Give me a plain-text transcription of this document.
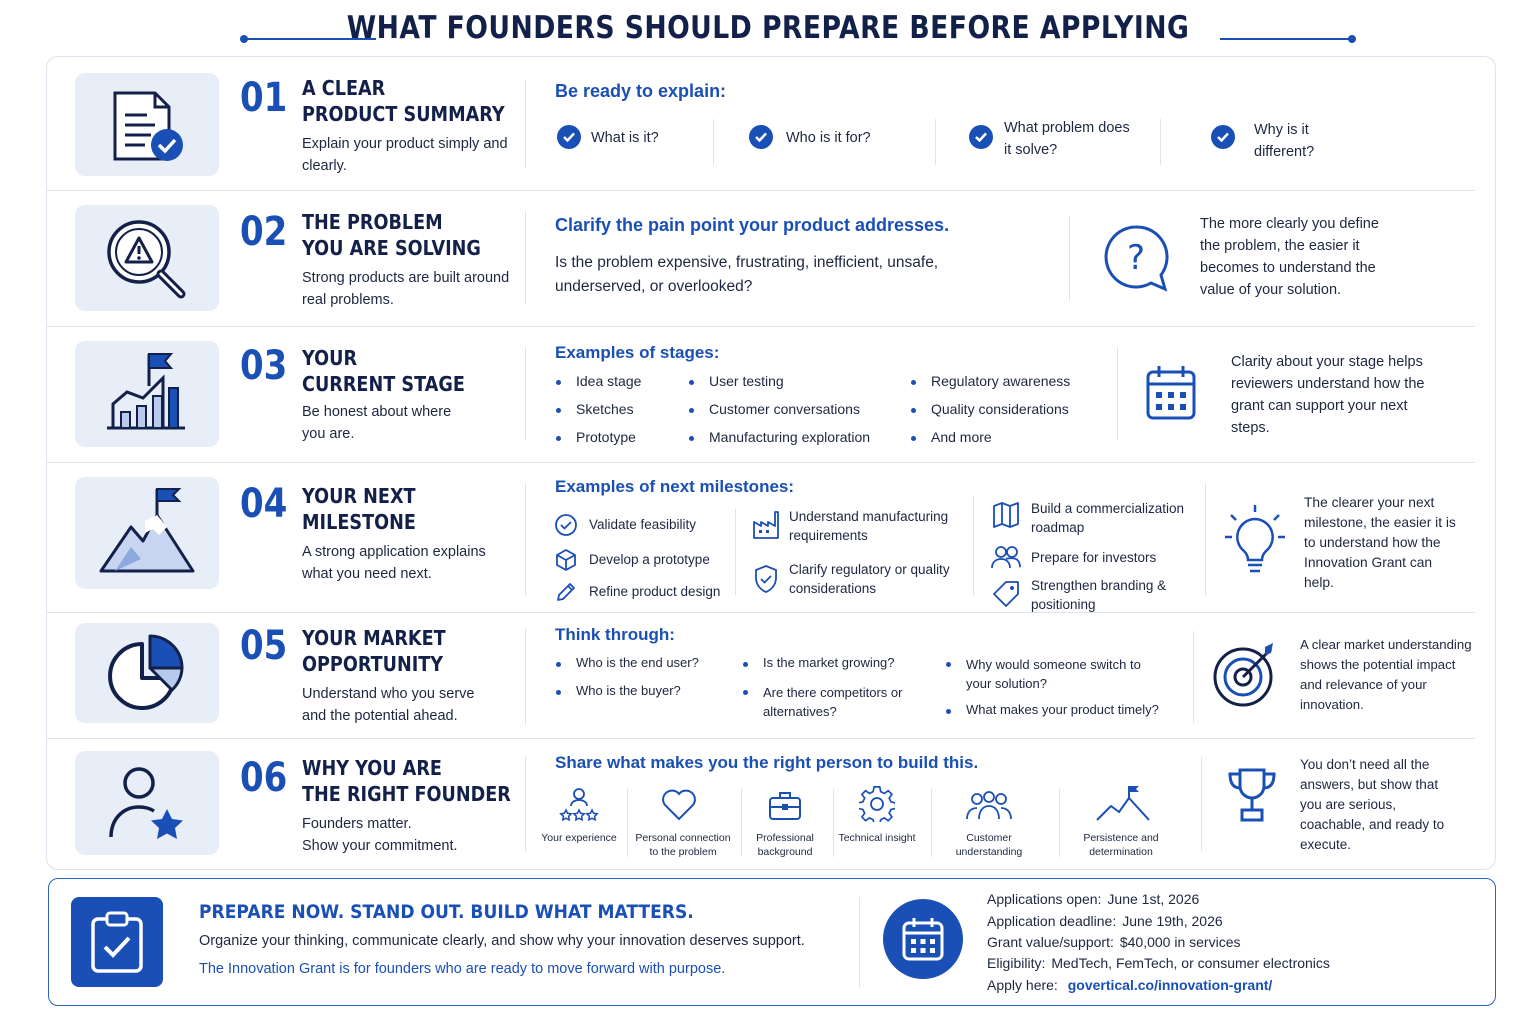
WHAT FOUNDERS SHOULD PREPARE BEFORE APPLYING
01 A CLEAR
PRODUCT SUMMARY
Explain your product simply and clearly.
Be ready to explain:
What is it?	Who is it for?
What problem does it solve?
Why is it different?
02 THE PROBLEM
YOU ARE SOLVING
Strong products are built around real problems.
Clarify the pain point your product addresses.
Is the problem expensive, frustrating, inefficient, unsafe, underserved, or overlooked?
?
The more clearly you define the problem, the easier it becomes to understand the value of your solution.
03 YOUR
CURRENT STAGE
Be honest about where you are.
Examples of stages:
Idea stage
Sketches
Prototype
User testing
Customer conversations
Manufacturing exploration
Regulatory awareness
Quality considerations
And more
Clarity about your stage helps reviewers understand how the grant can support your next steps.
04 YOUR NEXT
MILESTONE
A strong application explains what you need next.
Examples of next milestones:
Validate feasibility
Develop a prototype
Refine product design
Understand manufacturing requirements
Clarify regulatory or quality considerations
Build a commercialization roadmap
Prepare for investors
Strengthen branding & positioning
The clearer your next milestone, the easier it is to understand how the Innovation Grant can help.
05 YOUR MARKET
OPPORTUNITY
Understand who you serve and the potential ahead.
Think through:
Who is the end user?
Who is the buyer?
Is the market growing?
Are there competitors or alternatives?
Why would someone switch to your solution?
What makes your product timely?
A clear market understanding shows the potential impact and relevance of your innovation.
06 WHY YOU ARE
THE RIGHT FOUNDER
Founders matter.
Show your commitment.
Share what makes you the right person to build this.
Your experience	Personal connection to the problem
Professional background
Technical insight	Customer understanding
Persistence and determination
You don’t need all the answers, but show that you are serious, coachable, and ready to execute.
PREPARE NOW. STAND OUT. BUILD WHAT MATTERS.
Organize your thinking, communicate clearly, and show why your innovation deserves support.
The Innovation Grant is for founders who are ready to move forward with purpose.
Applications open: June 1st, 2026
Application deadline: June 19th, 2026
Grant value/support: $40,000 in services
Eligibility: MedTech, FemTech, or consumer electronics
Apply here: govertical.co/innovation-grant/
